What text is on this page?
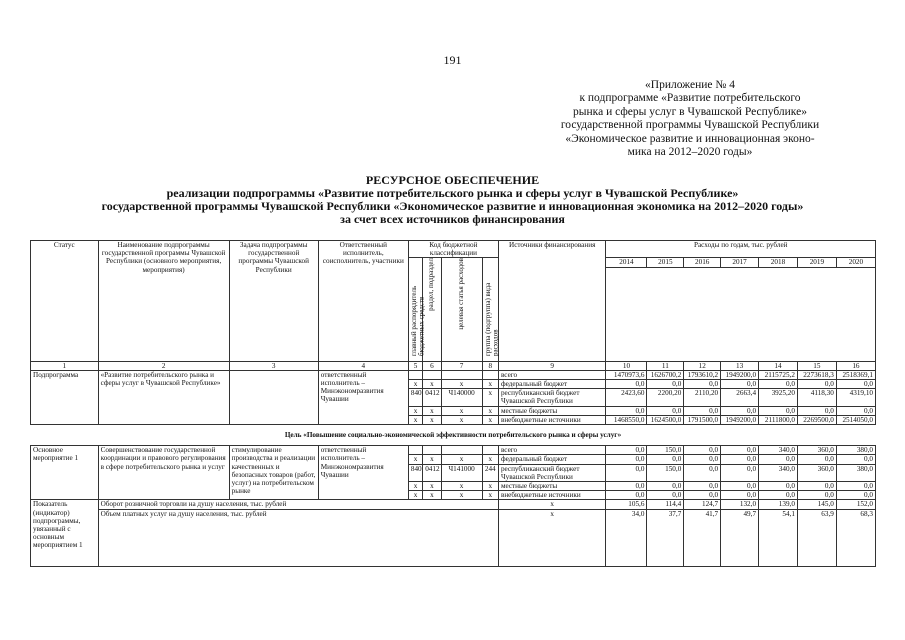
191
«Приложение № 4
к подпрограмме «Развитие потребительского
рынка и сферы услуг в Чувашской Республике»
государственной программы Чувашской Республики
«Экономическое развитие и инновационная эконо-
мика на 2012–2020 годы»
РЕСУРСНОЕ ОБЕСПЕЧЕНИЕ
реализации подпрограммы «Развитие потребительского рынка и сферы услуг в Чувашской Республике»
государственной программы Чувашской Республики «Экономическое развитие и инновационная экономика на 2012–2020 годы»
за счет всех источников финансирования
Статус	Наименование подпрограммы государственной программы Чувашской Республики (основного мероприятия, мероприятия)	Задача подпрограммы государственной программы Чувашской Республики	Ответственный исполнитель, соисполнитель, участники	Код бюджетной классификации				Источники финансирования	Расходы по годам, тыс. рублей						
				главный распорядитель бюджетных средств	раздел, подраздел	целевая статья расходов	группа (подгруппа) вида расходов		2014	2015	2016	2017	2018	2019	2020

1	2	3	4	5	6	7	8	9	10	11	12	13	14	15	16
Подпрограмма	«Развитие потребительского рынка и сферы услуг в Чувашской Республике»		ответственный исполнитель – Минэкономразвития Чувашии					всего	1470973,6	1626700,2	1793610,2	1949200,0	2115725,2	2273618,3	2518369,1
				x	x	x	x	федеральный бюджет	0,0	0,0	0,0	0,0	0,0	0,0	0,0
				840	0412	Ч140000	x	республиканский бюджет Чувашской Республики	2423,60	2200,20	2110,20	2663,4	3925,20	4118,30	4319,10
				x	x	x	x	местные бюджеты	0,0	0,0	0,0	0,0	0,0	0,0	0,0
				x	x	x	x	внебюджетные источники	1468550,0	1624500,0	1791500,0	1949200,0	2111800,0	2269500,0	2514050,0
Цель «Повышение социально-экономической эффективности потребительского рынка и сферы услуг»															
Основное мероприятие 1	Совершенствование государственной координации и правового регулирования в сфере потребительского рынка и услуг	стимулирование производства и реализации качественных и безопасных товаров (работ, услуг) на потребительском рынке	ответственный исполнитель – Минэкономразвития Чувашии					всего	0,0	150,0	0,0	0,0	340,0	360,0	380,0
				x	x	x	x	федеральный бюджет	0,0	0,0	0,0	0,0	0,0	0,0	0,0
				840	0412	Ч141000	244	республиканский бюджет Чувашской Республики	0,0	150,0	0,0	0,0	340,0	360,0	380,0
				x	x	x	x	местные бюджеты	0,0	0,0	0,0	0,0	0,0	0,0	0,0
				x	x	x	x	внебюджетные источники	0,0	0,0	0,0	0,0	0,0	0,0	0,0
Показатель (индикатор) подпрограммы, увязанный с основным мероприятием 1	Оборот розничной торговли на душу населения, тыс. рублей							x	105,6	114,4	124,7	132,0	139,0	145,0	152,0
	Объем платных услуг на душу населения, тыс. рублей							x	34,0	37,7	41,7	49,7	54,1	63,9	68,3
